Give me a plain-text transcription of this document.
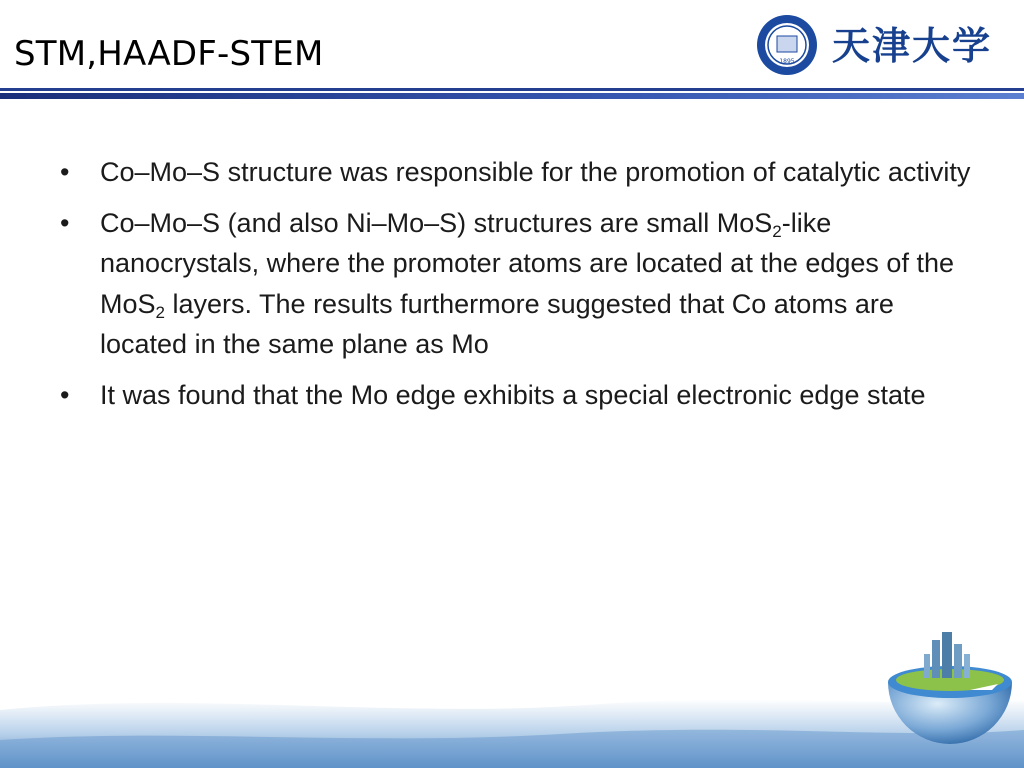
STM,HAADF-STEM	1895 天津大学
•	Co–Mo–S structure was responsible for the promotion of catalytic activity
•	Co–Mo–S (and also Ni–Mo–S) structures are small MoS$_2$-like nanocrystals, where the promoter atoms are located at the edges of the MoS$_2$ layers. The results furthermore suggested that Co atoms are located in the same plane as Mo
•	It was found that the Mo edge exhibits a special electronic edge state
